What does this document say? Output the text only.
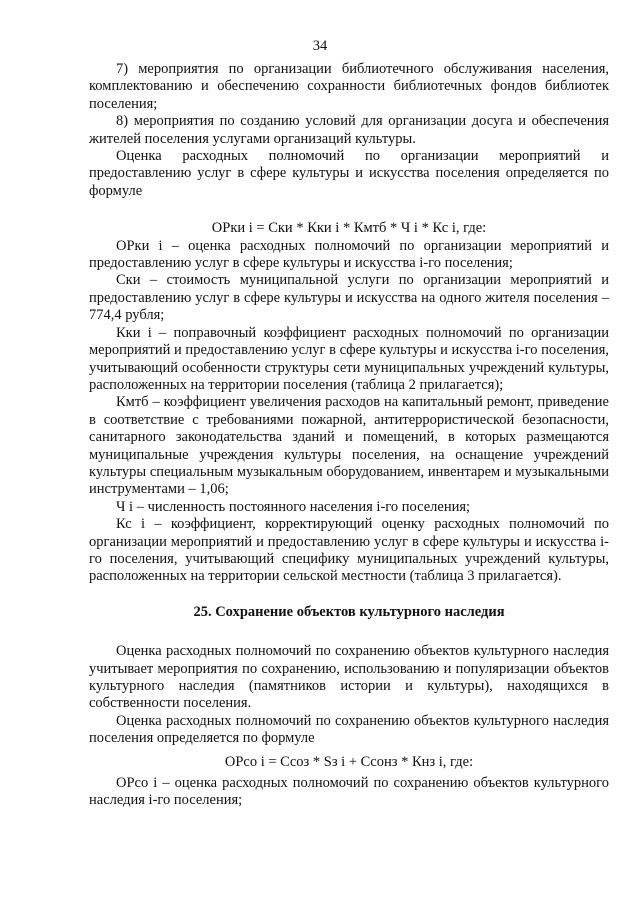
34

7) мероприятия по организации библиотечного обслуживания населения, комплектованию и обеспечению сохранности библиотечных фондов библиотек поселения;

8) мероприятия по созданию условий для организации досуга и обеспечения жителей поселения услугами организаций культуры.

Оценка расходных полномочий по организации мероприятий и предоставлению услуг в сфере культуры и искусства поселения определяется по формуле

ОРки i = Cки * Кки i * Кмтб * Ч i * Кс i, где:

ОРки i – оценка расходных полномочий по организации мероприятий и предоставлению услуг в сфере культуры и искусства i-го поселения;

Cки – стоимость муниципальной услуги по организации мероприятий и предоставлению услуг в сфере культуры и искусства на одного жителя поселения – 774,4 рубля;

Кки i – поправочный коэффициент расходных полномочий по организации мероприятий и предоставлению услуг в сфере культуры и искусства i-го поселения, учитывающий особенности структуры сети муниципальных учреждений культуры, расположенных на территории поселения (таблица 2 прилагается);

Кмтб – коэффициент увеличения расходов на капитальный ремонт, приведение в соответствие с требованиями пожарной, антитеррористической безопасности, санитарного законодательства зданий и помещений, в которых размещаются муниципальные учреждения культуры поселения, на оснащение учреждений культуры специальным музыкальным оборудованием, инвентарем и музыкальными инструментами – 1,06;

Ч i – численность постоянного населения i-го поселения;

Кс i – коэффициент, корректирующий оценку расходных полномочий по организации мероприятий и предоставлению услуг в сфере культуры и искусства i-го поселения, учитывающий специфику муниципальных учреждений культуры, расположенных на территории сельской местности (таблица 3 прилагается).

25. Сохранение объектов культурного наследия

Оценка расходных полномочий по сохранению объектов культурного наследия учитывает мероприятия по сохранению, использованию и популяризации объектов культурного наследия (памятников истории и культуры), находящихся в собственности поселения.

Оценка расходных полномочий по сохранению объектов культурного наследия поселения определяется по формуле

ОРсо i = Cсоз * Sз i + Cсонз * Кнз i, где:

ОРсо i – оценка расходных полномочий по сохранению объектов культурного наследия i-го поселения;
